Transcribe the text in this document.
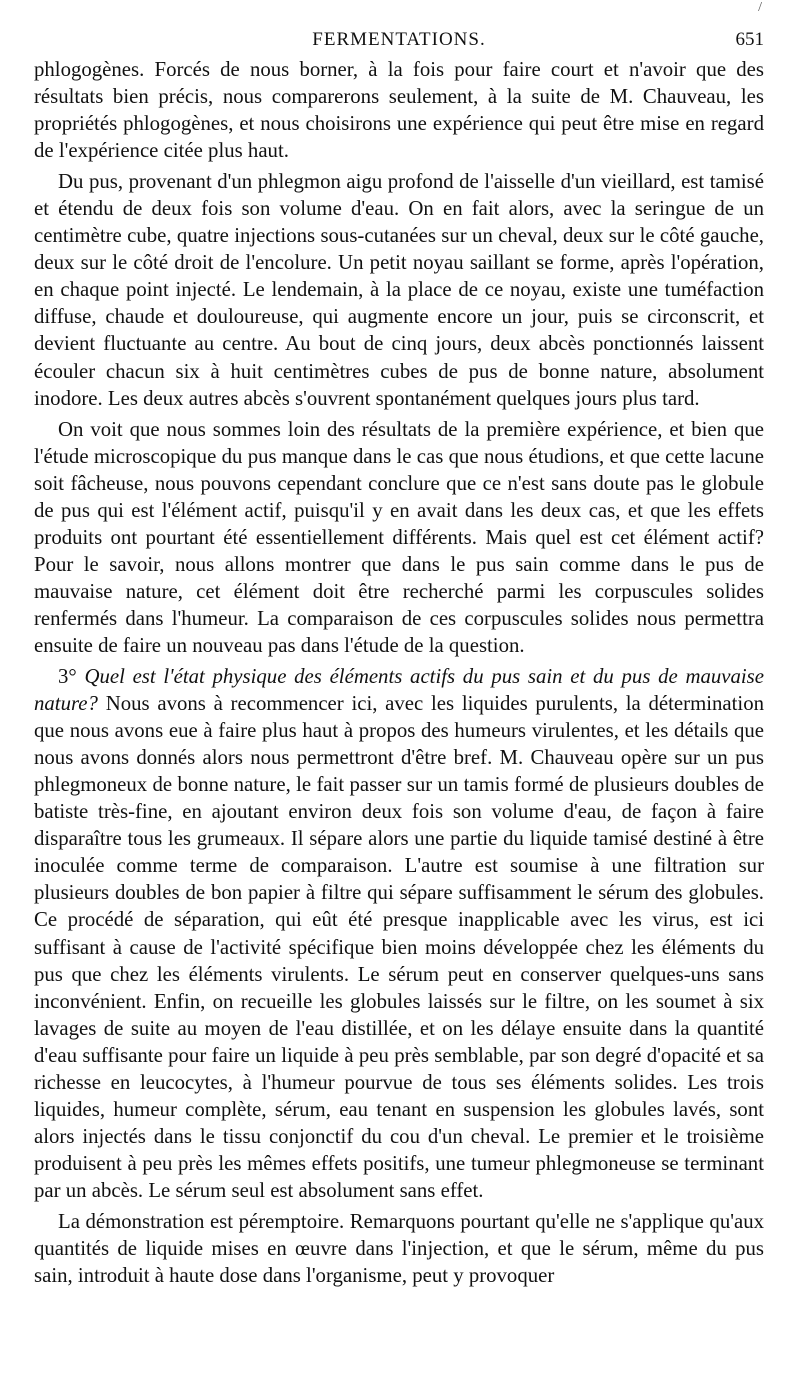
/
FERMENTATIONS.	651

phlogogènes. Forcés de nous borner, à la fois pour faire court et n'avoir que des résultats bien précis, nous comparerons seulement, à la suite de M. Chauveau, les propriétés phlogogènes, et nous choisirons une expérience qui peut être mise en regard de l'expérience citée plus haut.

Du pus, provenant d'un phlegmon aigu profond de l'aisselle d'un vieillard, est tamisé et étendu de deux fois son volume d'eau. On en fait alors, avec la seringue de un centimètre cube, quatre injections sous-cutanées sur un cheval, deux sur le côté gauche, deux sur le côté droit de l'encolure. Un petit noyau saillant se forme, après l'opération, en chaque point injecté. Le lendemain, à la place de ce noyau, existe une tuméfaction diffuse, chaude et douloureuse, qui augmente encore un jour, puis se circonscrit, et devient fluctuante au centre. Au bout de cinq jours, deux abcès ponctionnés laissent écouler chacun six à huit centimètres cubes de pus de bonne nature, absolument inodore. Les deux autres abcès s'ouvrent spontanément quelques jours plus tard.

On voit que nous sommes loin des résultats de la première expérience, et bien que l'étude microscopique du pus manque dans le cas que nous étudions, et que cette lacune soit fâcheuse, nous pouvons cependant conclure que ce n'est sans doute pas le globule de pus qui est l'élément actif, puisqu'il y en avait dans les deux cas, et que les effets produits ont pourtant été essentiellement différents. Mais quel est cet élément actif? Pour le savoir, nous allons montrer que dans le pus sain comme dans le pus de mauvaise nature, cet élément doit être recherché parmi les corpuscules solides renfermés dans l'humeur. La comparaison de ces corpuscules solides nous permettra ensuite de faire un nouveau pas dans l'étude de la question.

3° Quel est l'état physique des éléments actifs du pus sain et du pus de mauvaise nature? Nous avons à recommencer ici, avec les liquides purulents, la détermination que nous avons eue à faire plus haut à propos des humeurs virulentes, et les détails que nous avons donnés alors nous permettront d'être bref. M. Chauveau opère sur un pus phlegmoneux de bonne nature, le fait passer sur un tamis formé de plusieurs doubles de batiste très-fine, en ajoutant environ deux fois son volume d'eau, de façon à faire disparaître tous les grumeaux. Il sépare alors une partie du liquide tamisé destiné à être inoculée comme terme de comparaison. L'autre est soumise à une filtration sur plusieurs doubles de bon papier à filtre qui sépare suffisamment le sérum des globules. Ce procédé de séparation, qui eût été presque inapplicable avec les virus, est ici suffisant à cause de l'activité spécifique bien moins développée chez les éléments du pus que chez les éléments virulents. Le sérum peut en conserver quelques-uns sans inconvénient. Enfin, on recueille les globules laissés sur le filtre, on les soumet à six lavages de suite au moyen de l'eau distillée, et on les délaye ensuite dans la quantité d'eau suffisante pour faire un liquide à peu près semblable, par son degré d'opacité et sa richesse en leucocytes, à l'humeur pourvue de tous ses éléments solides. Les trois liquides, humeur complète, sérum, eau tenant en suspension les globules lavés, sont alors injectés dans le tissu conjonctif du cou d'un cheval. Le premier et le troisième produisent à peu près les mêmes effets positifs, une tumeur phlegmoneuse se terminant par un abcès. Le sérum seul est absolument sans effet.

La démonstration est péremptoire. Remarquons pourtant qu'elle ne s'applique qu'aux quantités de liquide mises en œuvre dans l'injection, et que le sérum, même du pus sain, introduit à haute dose dans l'organisme, peut y provoquer
